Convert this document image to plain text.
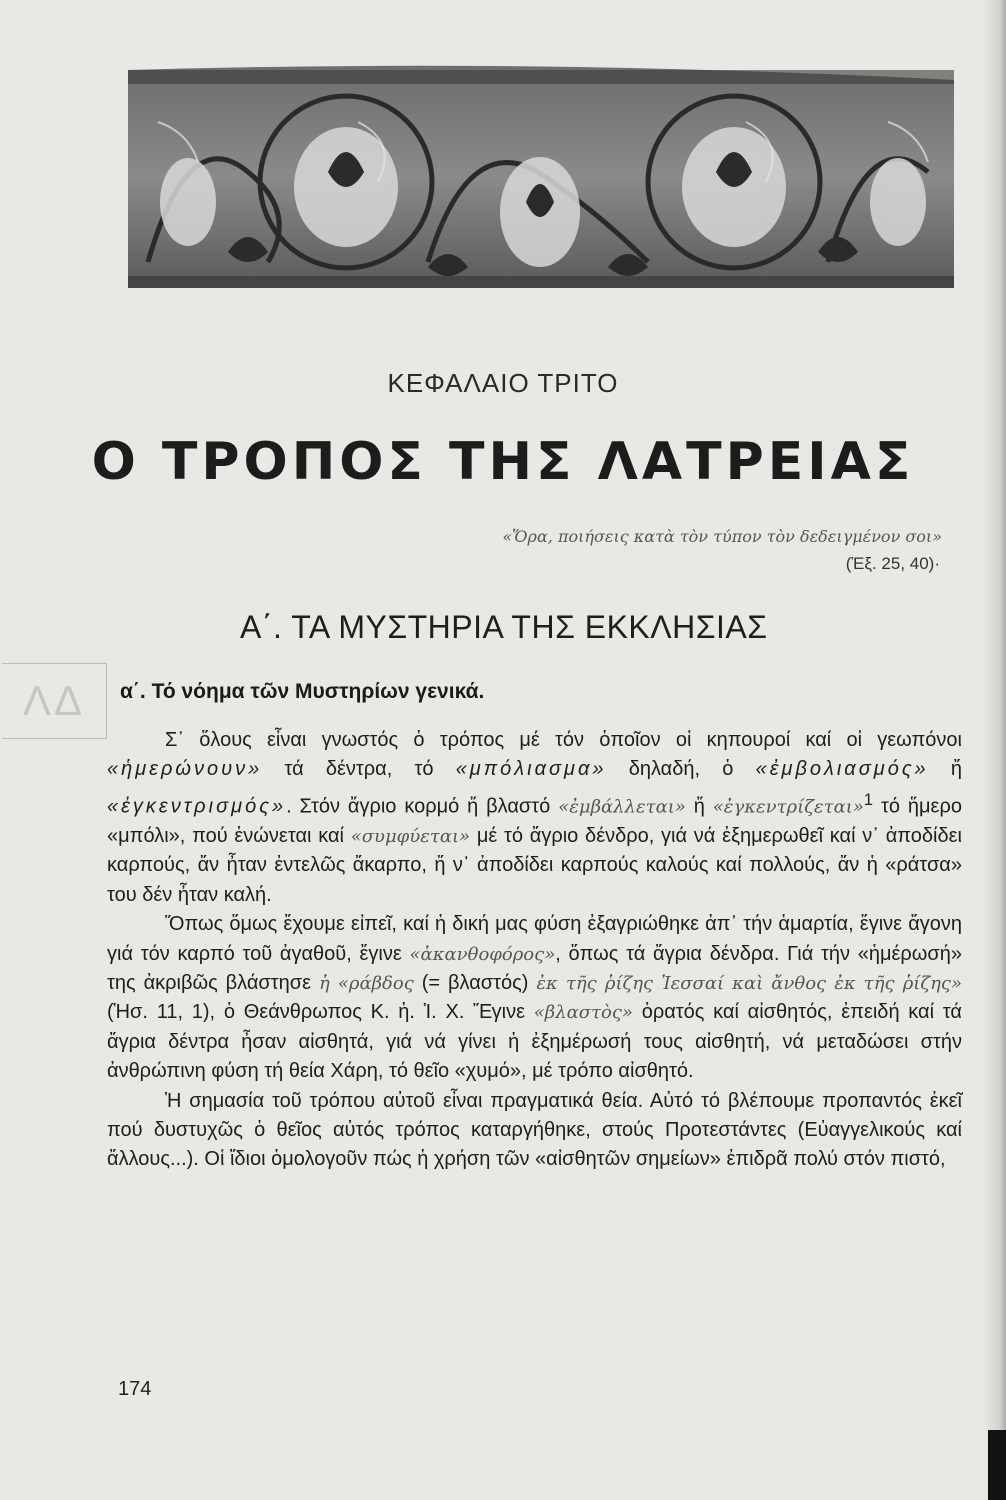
ΚΕΦΑΛΑΙΟ ΤΡΙΤΟ
Ο ΤΡΟΠΟΣ ΤΗΣ ΛΑΤΡΕΙΑΣ
«Ὅρα, ποιήσεις κατὰ τὸν τύπον τὸν δεδειγμένον σοι»
(Ἐξ. 25, 40)·
Α΄. ΤΑ ΜΥΣΤΗΡΙΑ ΤΗΣ ΕΚΚΛΗΣΙΑΣ
ΛΔ	α΄. Τό νόημα τῶν Μυστηρίων γενικά.

Σ᾿ ὅλους εἶναι γνωστός ὁ τρόπος μέ τόν ὁποῖον οἱ κηπουροί καί οἱ γεωπόνοι «ἡμερώνουν» τά δέντρα, τό «μπόλιασμα» δηλαδή, ὁ «ἐμβολιασμός» ἤ «ἐγκεντρισμός». Στόν ἄγριο κορμό ἤ βλαστό «ἐμβάλλεται» ἤ «ἐγκεντρίζεται»$^1$ τό ἥμερο «μπόλι», πού ἑνώνεται καί «συμφύεται» μέ τό ἄγριο δένδρο, γιά νά ἐξημερωθεῖ καί ν᾿ ἀποδίδει καρπούς, ἄν ἦταν ἐντελῶς ἄκαρπο, ἤ ν᾿ ἀποδίδει καρπούς καλούς καί πολλούς, ἄν ἡ «ράτσα» του δέν ἦταν καλή.

Ὅπως ὅμως ἔχουμε εἰπεῖ, καί ἡ δική μας φύση ἐξαγριώθηκε ἀπ᾿ τήν ἁμαρτία, ἔγινε ἄγονη γιά τόν καρπό τοῦ ἀγαθοῦ, ἔγινε «ἀκανθοφόρος», ὅπως τά ἄγρια δένδρα. Γιά τήν «ἡμέρωσή» της ἀκριβῶς βλάστησε ἡ «ράβδος (= βλαστός) ἐκ τῆς ῥίζης Ἰεσσαί καὶ ἄνθος ἐκ τῆς ῥίζης» (Ἡσ. 11, 1), ὁ Θεάνθρωπος Κ. ἡ. Ἰ. Χ. Ἔγινε «βλαστὸς» ὁρατός καί αἰσθητός, ἐπειδή καί τά ἄγρια δέντρα ἦσαν αἰσθητά, γιά νά γίνει ἡ ἐξημέρωσή τους αἰσθητή, νά μεταδώσει στήν ἀνθρώπινη φύση τή θεία Χάρη, τό θεῖο «χυμό», μέ τρόπο αἰσθητό.

Ἡ σημασία τοῦ τρόπου αὐτοῦ εἶναι πραγματικά θεία. Αὐτό τό βλέπουμε προπαντός ἐκεῖ πού δυστυχῶς ὁ θεῖος αὐτός τρόπος καταργήθηκε, στούς Προτεστάντες (Εὐαγγελικούς καί ἄλλους...). Οἱ ἴδιοι ὁμολογοῦν πώς ἡ χρήση τῶν «αἰσθητῶν σημείων» ἐπιδρᾶ πολύ στόν πιστό,

174
